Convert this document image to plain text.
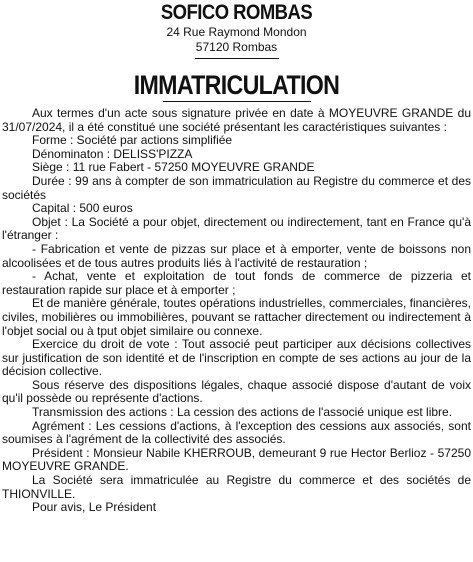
SOFICO ROMBAS
24 Rue Raymond Mondon
57120 Rombas
IMMATRICULATION

Aux termes d'un acte sous signature privée en date à MOYEUVRE GRANDE du 31/07/2024, il a été constitué une société présentant les caractéristiques suivantes :

Forme : Société par actions simplifiée

Dénominaton : DELISS'PIZZA

Siège : 11 rue Fabert - 57250 MOYEUVRE GRANDE

Durée : 99 ans à compter de son immatriculation au Registre du commerce et des sociétés

Capital : 500 euros

Objet : La Société a pour objet, directement ou indirectement, tant en France qu'à l'étranger :

- Fabrication et vente de pizzas sur place et à emporter, vente de boissons non alcoolisées et de tous autres produits liés à l'activité de restauration ;

- Achat, vente et exploitation de tout fonds de commerce de pizzeria et restauration rapide sur place et à emporter ;

Et de manière générale, toutes opérations industrielles, commerciales, financières, civiles, mobilières ou immobilières, pouvant se rattacher directement ou indirectement à l'objet social ou à tput objet similaire ou connexe.

Exercice du droit de vote : Tout associé peut participer aux décisions collectives sur justification de son identité et de l'inscription en compte de ses actions au jour de la décision collective.

Sous réserve des dispositions légales, chaque associé dispose d'autant de voix qu'il possède ou représente d'actions.

Transmission des actions : La cession des actions de l'associé unique est libre.

Agrément : Les cessions d'actions, à l'exception des cessions aux associés, sont soumises à l'agrément de la collectivité des associés.

Président : Monsieur Nabile KHERROUB, demeurant 9 rue Hector Berlioz - 57250 MOYEUVRE GRANDE.

La Société sera immatriculée au Registre du commerce et des sociétés de THIONVILLE.

Pour avis, Le Président
